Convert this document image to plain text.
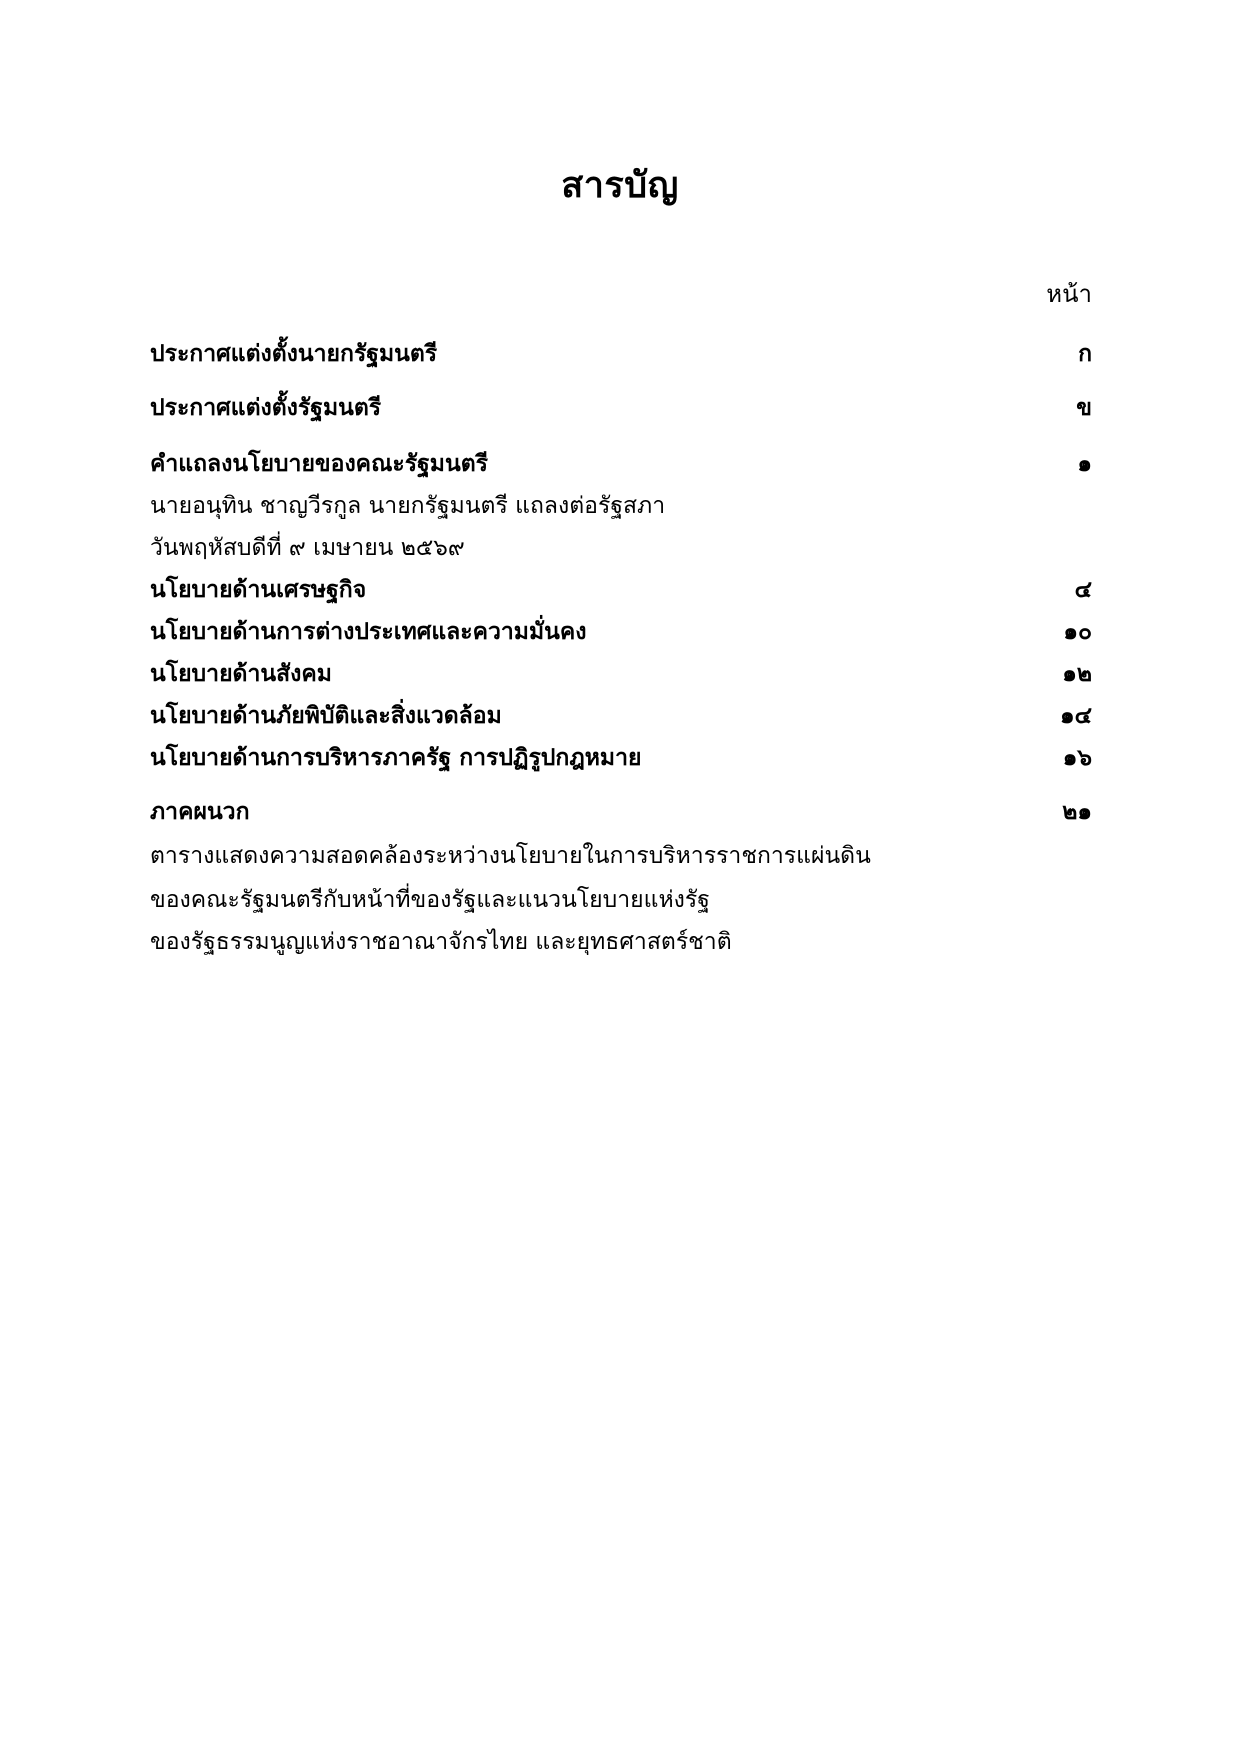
สารบัญ
หน้า
ประกาศแต่งตั้งนายกรัฐมนตรี	ก
ประกาศแต่งตั้งรัฐมนตรี	ข
คำแถลงนโยบายของคณะรัฐมนตรี	๑
นายอนุทิน ชาญวีรกูล นายกรัฐมนตรี แถลงต่อรัฐสภา
วันพฤหัสบดีที่ ๙ เมษายน ๒๕๖๙
นโยบายด้านเศรษฐกิจ	๔
นโยบายด้านการต่างประเทศและความมั่นคง	๑๐
นโยบายด้านสังคม	๑๒
นโยบายด้านภัยพิบัติและสิ่งแวดล้อม	๑๔
นโยบายด้านการบริหารภาครัฐ การปฏิรูปกฎหมาย	๑๖
ภาคผนวก	๒๑
ตารางแสดงความสอดคล้องระหว่างนโยบายในการบริหารราชการแผ่นดิน
ของคณะรัฐมนตรีกับหน้าที่ของรัฐและแนวนโยบายแห่งรัฐ
ของรัฐธรรมนูญแห่งราชอาณาจักรไทย และยุทธศาสตร์ชาติ
